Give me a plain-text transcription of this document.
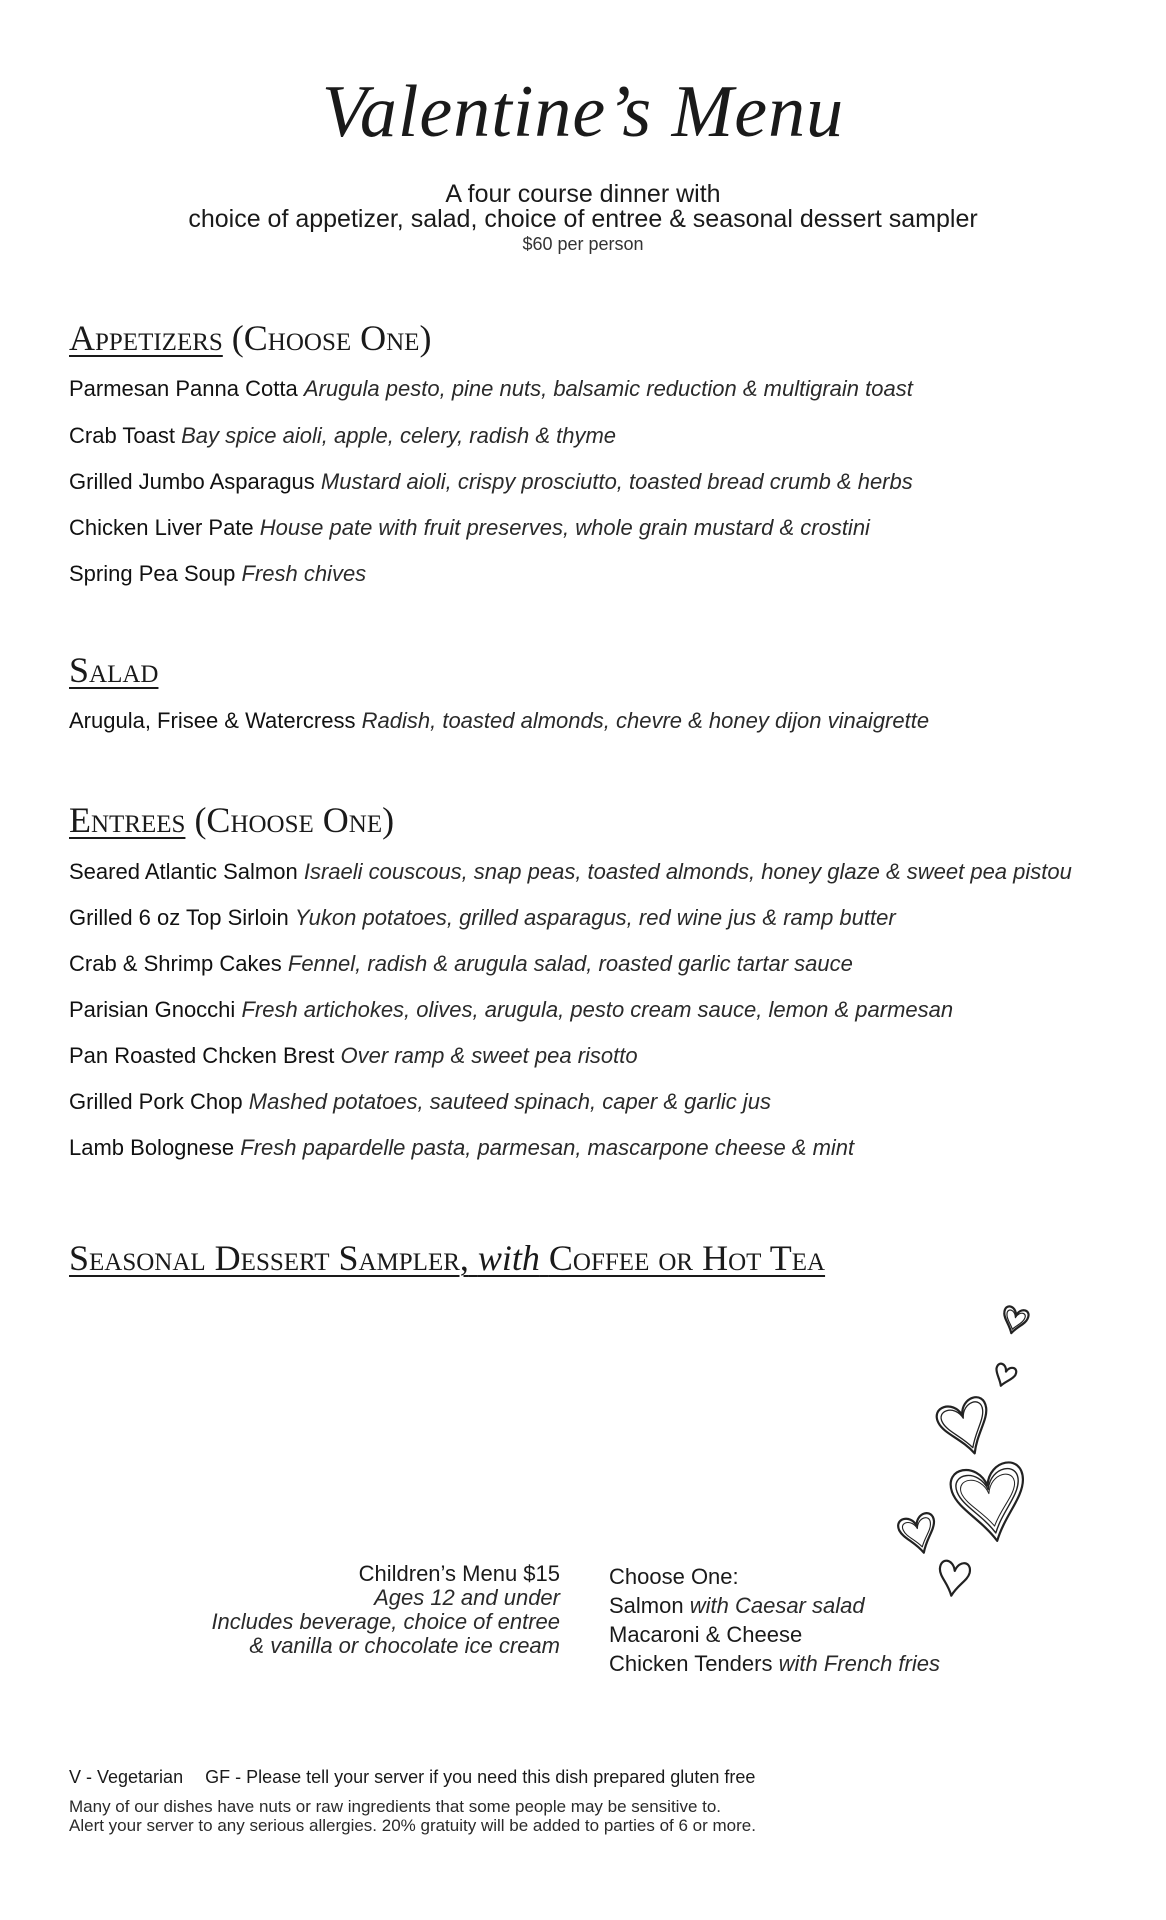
Valentine’s Menu
A four course dinner with
choice of appetizer, salad, choice of entree & seasonal dessert sampler
$60 per person
Appetizers (Choose One)
Parmesan Panna Cotta Arugula pesto, pine nuts, balsamic reduction & multigrain toast
Crab Toast Bay spice aioli, apple, celery, radish & thyme
Grilled Jumbo Asparagus Mustard aioli, crispy prosciutto, toasted bread crumb & herbs
Chicken Liver Pate House pate with fruit preserves, whole grain mustard & crostini
Spring Pea Soup Fresh chives
Salad
Arugula, Frisee & Watercress Radish, toasted almonds, chevre & honey dijon vinaigrette
Entrees (Choose One)
Seared Atlantic Salmon Israeli couscous, snap peas, toasted almonds, honey glaze & sweet pea pistou
Grilled 6 oz Top Sirloin Yukon potatoes, grilled asparagus, red wine jus & ramp butter
Crab & Shrimp Cakes Fennel, radish & arugula salad, roasted garlic tartar sauce
Parisian Gnocchi Fresh artichokes, olives, arugula, pesto cream sauce, lemon & parmesan
Pan Roasted Chcken Brest Over ramp & sweet pea risotto
Grilled Pork Chop Mashed potatoes, sauteed spinach, caper & garlic jus
Lamb Bolognese Fresh papardelle pasta, parmesan, mascarpone cheese & mint
Seasonal Dessert Sampler, with Coffee or Hot Tea
Children’s Menu $15
Ages 12 and under
Includes beverage, choice of entree
& vanilla or chocolate ice cream
Choose One:
Salmon with Caesar salad
Macaroni & Cheese
Chicken Tenders with French fries
V - Vegetarian GF - Please tell your server if you need this dish prepared gluten free
Many of our dishes have nuts or raw ingredients that some people may be sensitive to.
Alert your server to any serious allergies. 20% gratuity will be added to parties of 6 or more.
